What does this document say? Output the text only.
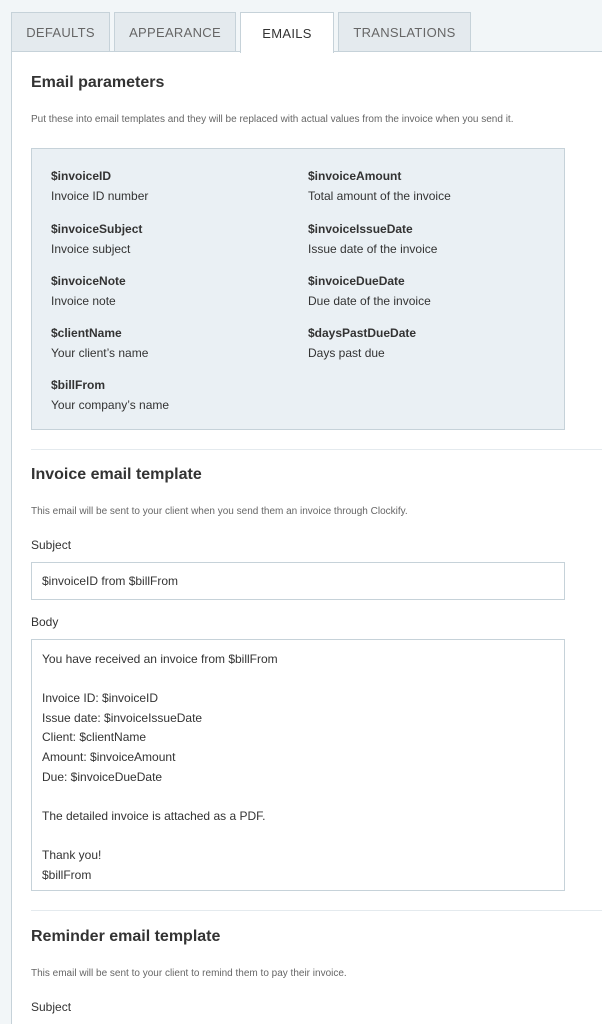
DEFAULTS	APPEARANCE	EMAILS	TRANSLATIONS
Email parameters
Put these into email templates and they will be replaced with actual values from the invoice when you send it.
$invoiceID
Invoice ID number
$invoiceAmount
Total amount of the invoice
$invoiceSubject
Invoice subject
$invoiceIssueDate
Issue date of the invoice
$invoiceNote
Invoice note
$invoiceDueDate
Due date of the invoice
$clientName
Your client’s name
$daysPastDueDate
Days past due
$billFrom
Your company’s name
Invoice email template
This email will be sent to your client when you send them an invoice through Clockify.
Subject
$invoiceID from $billFrom
Body
You have received an invoice from $billFrom
Invoice ID: $invoiceID
Issue date: $invoiceIssueDate
Client: $clientName
Amount: $invoiceAmount
Due: $invoiceDueDate
The detailed invoice is attached as a PDF.
Thank you!
$billFrom
Reminder email template
This email will be sent to your client to remind them to pay their invoice.
Subject
